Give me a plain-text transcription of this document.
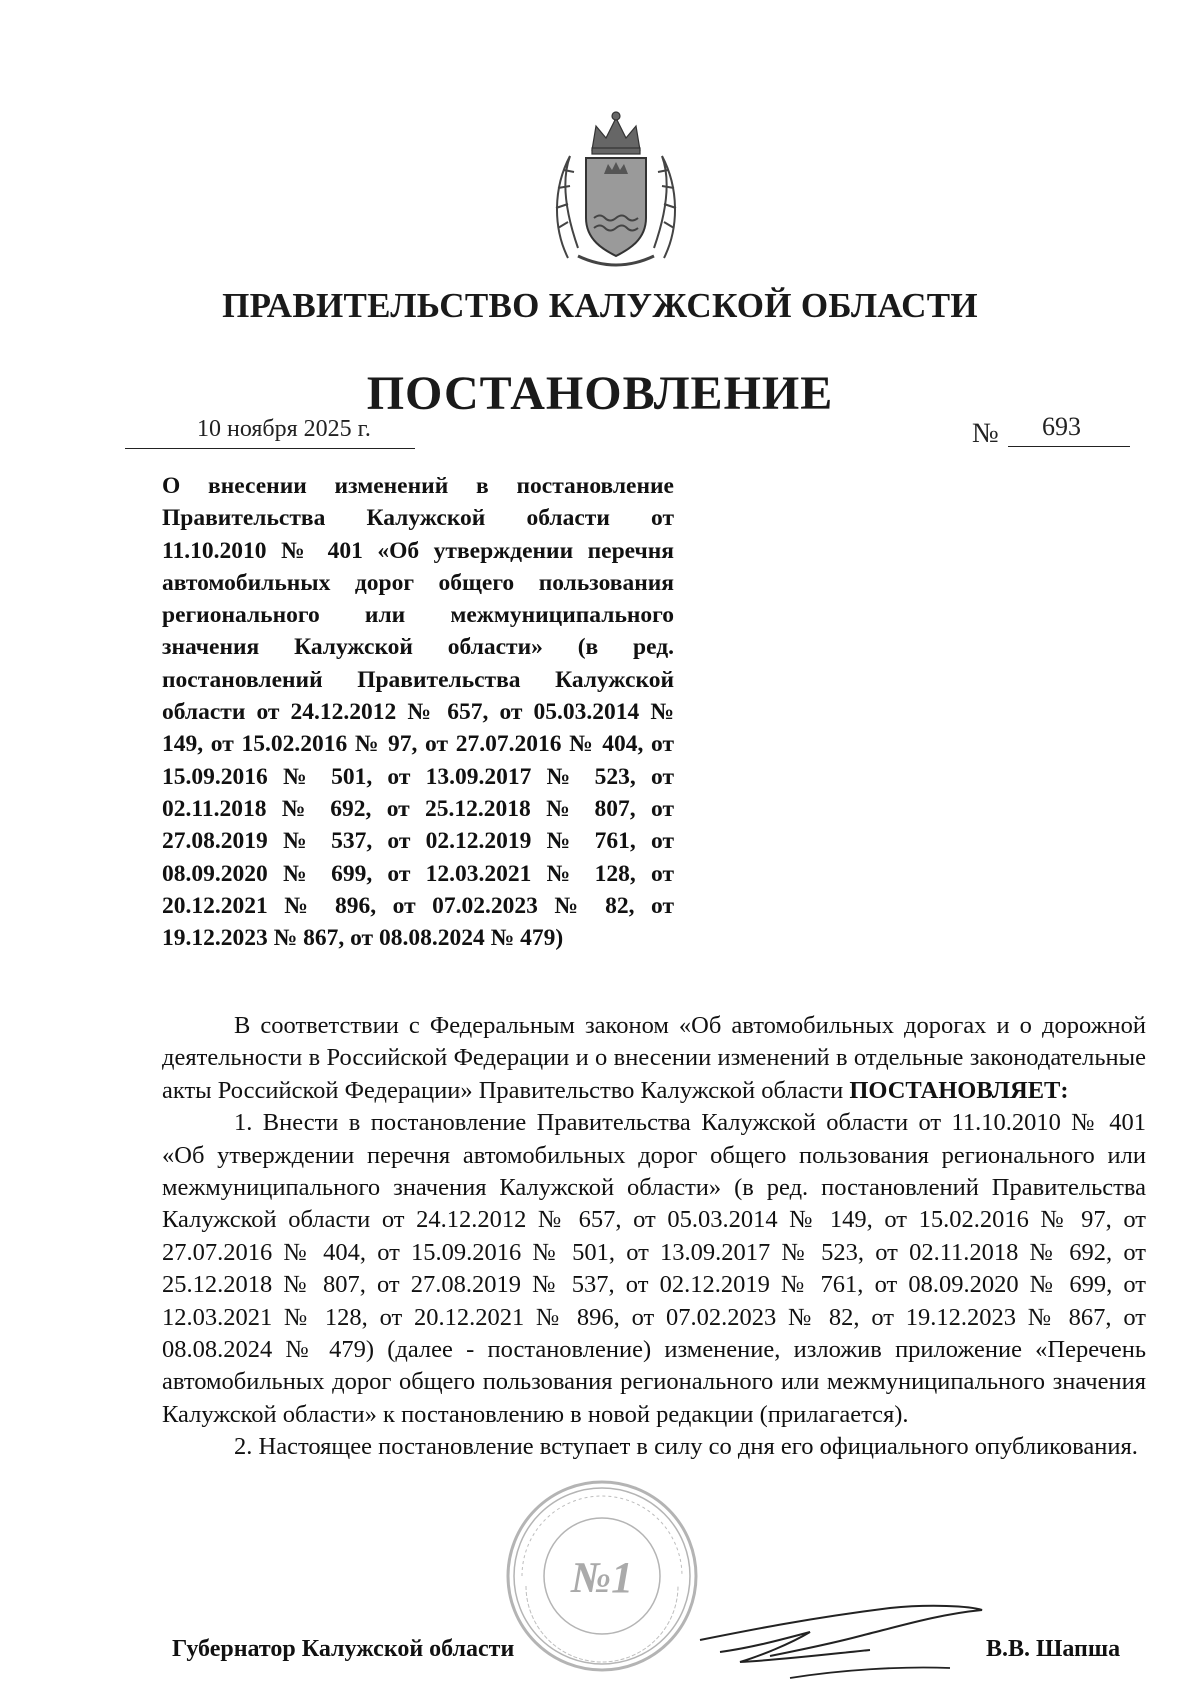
ПРАВИТЕЛЬСТВО КАЛУЖСКОЙ ОБЛАСТИ
ПОСТАНОВЛЕНИЕ
10 ноября 2025 г.	№ 693

О внесении изменений в постановление Правительства Калужской области от 11.10.2010 № 401 «Об утверждении перечня автомобильных дорог общего пользования регионального или межмуниципального значения Калужской области» (в ред. постановлений Правительства Калужской области от 24.12.2012 № 657, от 05.03.2014 № 149, от 15.02.2016 № 97, от 27.07.2016 № 404, от 15.09.2016 № 501, от 13.09.2017 № 523, от 02.11.2018 № 692, от 25.12.2018 № 807, от 27.08.2019 № 537, от 02.12.2019 № 761, от 08.09.2020 № 699, от 12.03.2021 № 128, от 20.12.2021 № 896, от 07.02.2023 № 82, от 19.12.2023 № 867, от 08.08.2024 № 479)

В соответствии с Федеральным законом «Об автомобильных дорогах и о дорожной деятельности в Российской Федерации и о внесении изменений в отдельные законодательные акты Российской Федерации» Правительство Калужской области ПОСТАНОВЛЯЕТ:

1. Внести в постановление Правительства Калужской области от 11.10.2010 № 401 «Об утверждении перечня автомобильных дорог общего пользования регионального или межмуниципального значения Калужской области» (в ред. постановлений Правительства Калужской области от 24.12.2012 № 657, от 05.03.2014 № 149, от 15.02.2016 № 97, от 27.07.2016 № 404, от 15.09.2016 № 501, от 13.09.2017 № 523, от 02.11.2018 № 692, от 25.12.2018 № 807, от 27.08.2019 № 537, от 02.12.2019 № 761, от 08.09.2020 № 699, от 12.03.2021 № 128, от 20.12.2021 № 896, от 07.02.2023 № 82, от 19.12.2023 № 867, от 08.08.2024 № 479) (далее - постановление) изменение, изложив приложение «Перечень автомобильных дорог общего пользования регионального или межмуниципального значения Калужской области» к постановлению в новой редакции (прилагается).

2. Настоящее постановление вступает в силу со дня его официального опубликования.

Губернатор Калужской области	В.В. Шапша
№1
